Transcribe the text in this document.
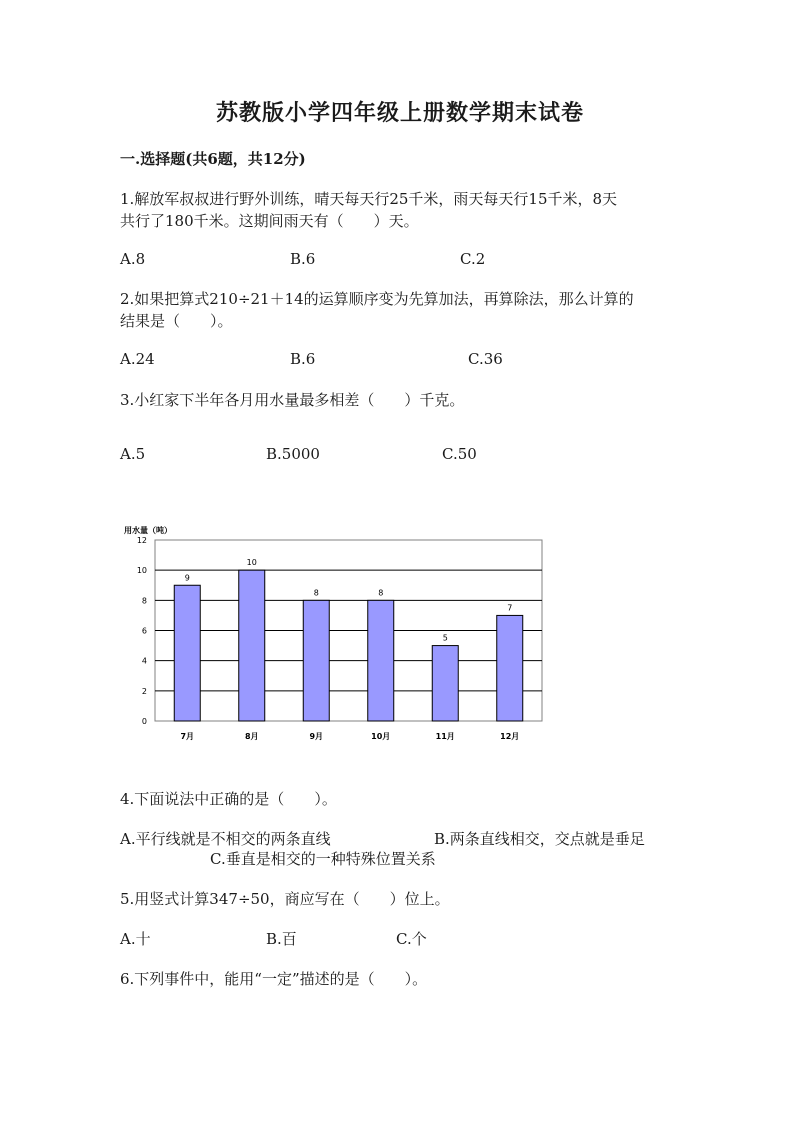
苏教版小学四年级上册数学期末试卷
一.选择题(共6题，共12分)
1.解放军叔叔进行野外训练，晴天每天行25千米，雨天每天行15千米，8天
共行了180千米。这期间雨天有（　　）天。
A.8	B.6	C.2
2.如果把算式210÷21＋14的运算顺序变为先算加法，再算除法，那么计算的
结果是（　　）。
A.24	B.6	C.36
3.小红家下半年各月用水量最多相差（　　）千克。
A.5	B.5000	C.50
用水量（吨）
0
2
4
6
8
10
12
9
7月
10
8月
8
9月
8
10月
5
11月
7
12月
4.下面说法中正确的是（　　）。
A.平行线就是不相交的两条直线	B.两条直线相交，交点就是垂足
C.垂直是相交的一种特殊位置关系
5.用竖式计算347÷50，商应写在（　　）位上。
A.十	B.百	C.个
6.下列事件中，能用“一定”描述的是（　　）。
